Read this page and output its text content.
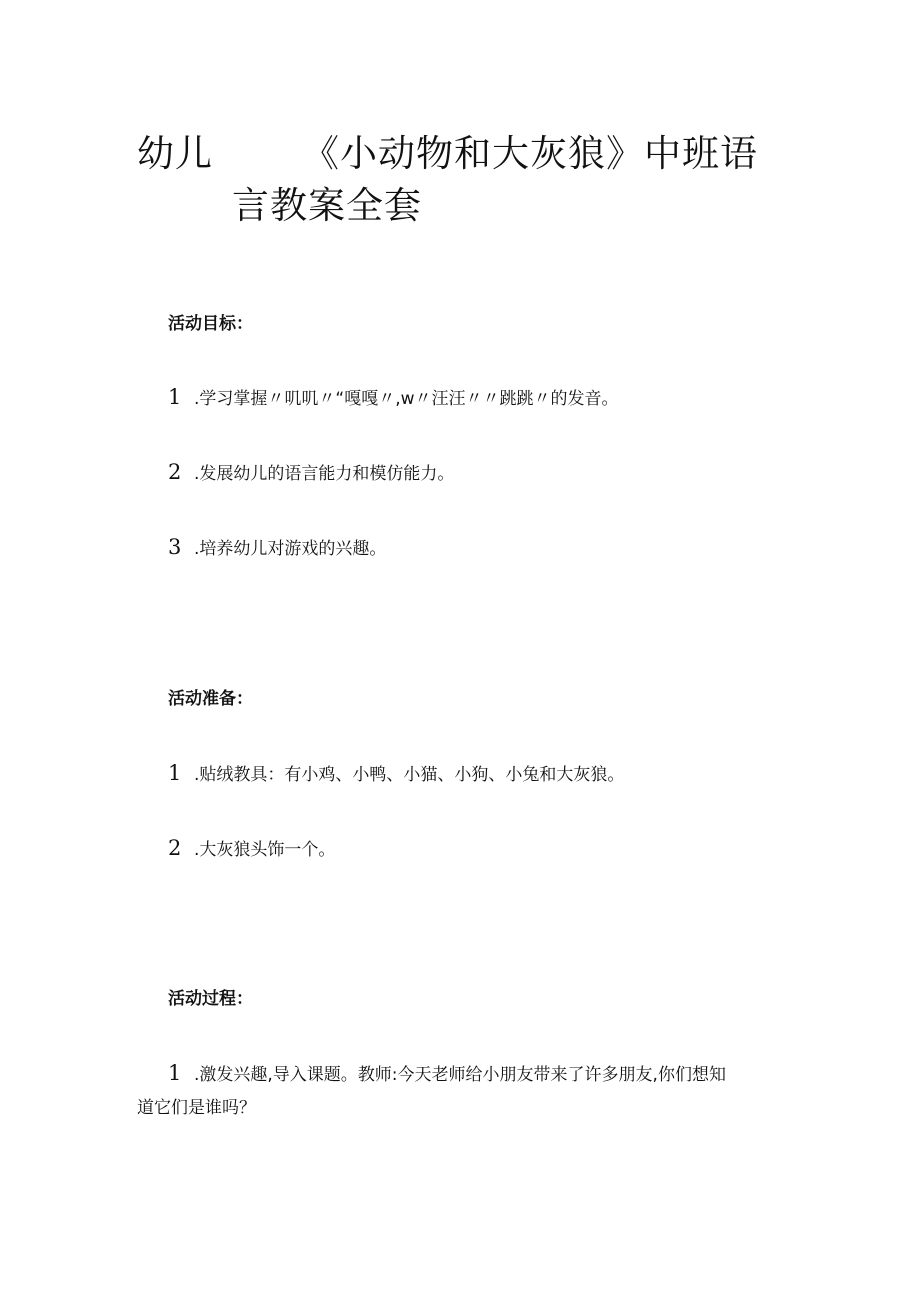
幼儿 《小动物和大灰狼》中班语
言教案全套
活动目标：
1 .学习掌握〃叽叽〃“嘎嘎〃,w〃汪汪〃〃跳跳〃的发音。
2 .发展幼儿的语言能力和模仿能力。
3 .培养幼儿对游戏的兴趣。
活动准备：
1 .贴绒教具：有小鸡、小鸭、小猫、小狗、小兔和大灰狼。
2 .大灰狼头饰一个。
活动过程：
1 .激发兴趣,导入课题。教师:今天老师给小朋友带来了许多朋友,你们想知
道它们是谁吗？
